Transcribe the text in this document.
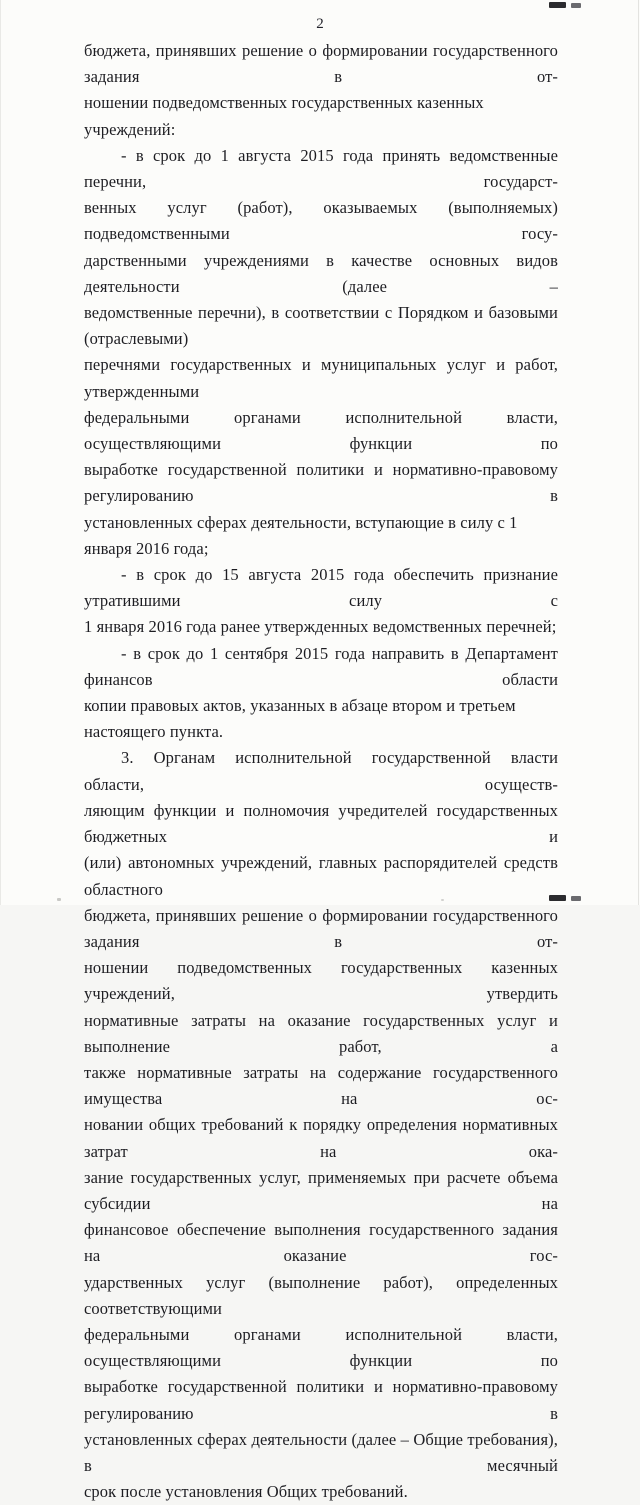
2
бюджета, принявших решение о формировании государственного задания в от-
ношении подведомственных государственных казенных учреждений:
- в срок до 1 августа 2015 года принять ведомственные перечни, государст-
венных услуг (работ), оказываемых (выполняемых) подведомственными госу-
дарственными учреждениями в качестве основных видов деятельности (далее –
ведомственные перечни), в соответствии с Порядком и базовыми (отраслевыми)
перечнями государственных и муниципальных услуг и работ, утвержденными
федеральными органами исполнительной власти, осуществляющими функции по
выработке государственной политики и нормативно-правовому регулированию в
установленных сферах деятельности, вступающие в силу с 1 января 2016 года;
- в срок до 15 августа 2015 года обеспечить признание утратившими силу с
1 января 2016 года ранее утвержденных ведомственных перечней;
- в срок до 1 сентября 2015 года направить в Департамент финансов области
копии правовых актов, указанных в абзаце втором и третьем настоящего пункта.
3. Органам исполнительной государственной власти области, осуществ-
ляющим функции и полномочия учредителей государственных бюджетных и
(или) автономных учреждений, главных распорядителей средств областного
бюджета, принявших решение о формировании государственного задания в от-
ношении подведомственных государственных казенных учреждений, утвердить
нормативные затраты на оказание государственных услуг и выполнение работ, а
также нормативные затраты на содержание государственного имущества на ос-
новании общих требований к порядку определения нормативных затрат на ока-
зание государственных услуг, применяемых при расчете объема субсидии на
финансовое обеспечение выполнения государственного задания на оказание гос-
ударственных услуг (выполнение работ), определенных соответствующими
федеральными органами исполнительной власти, осуществляющими функции по
выработке государственной политики и нормативно-правовому регулированию в
установленных сферах деятельности (далее – Общие требования), в месячный
срок после установления Общих требований.
